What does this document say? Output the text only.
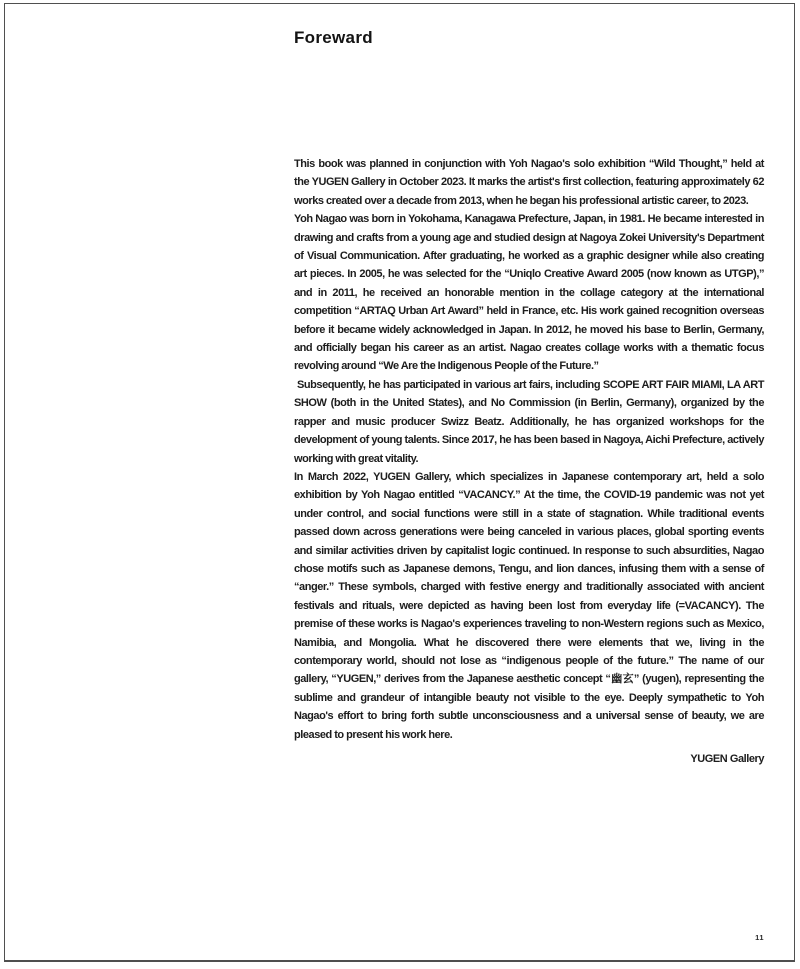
Foreward

This book was planned in conjunction with Yoh Nagao's solo exhibition “Wild Thought,” held at the YUGEN Gallery in October 2023. It marks the artist's first collection, featuring approximately 62 works created over a decade from 2013, when he began his professional artistic career, to 2023.

Yoh Nagao was born in Yokohama, Kanagawa Prefecture, Japan, in 1981. He became interested in drawing and crafts from a young age and studied design at Nagoya Zokei University's Department of Visual Communication. After graduating, he worked as a graphic designer while also creating art pieces. In 2005, he was selected for the “Uniqlo Creative Award 2005 (now known as UTGP),” and in 2011, he received an honorable mention in the collage category at the international competition “ARTAQ Urban Art Award” held in France, etc. His work gained recognition overseas before it became widely acknowledged in Japan. In 2012, he moved his base to Berlin, Germany, and officially began his career as an artist. Nagao creates collage works with a thematic focus revolving around “We Are the Indigenous People of the Future.”

Subsequently, he has participated in various art fairs, including SCOPE ART FAIR MIAMI, LA ART SHOW (both in the United States), and No Commission (in Berlin, Germany), organized by the rapper and music producer Swizz Beatz. Additionally, he has organized workshops for the development of young talents. Since 2017, he has been based in Nagoya, Aichi Prefecture, actively working with great vitality.

In March 2022, YUGEN Gallery, which specializes in Japanese contemporary art, held a solo exhibition by Yoh Nagao entitled “VACANCY.” At the time, the COVID-19 pandemic was not yet under control, and social functions were still in a state of stagnation. While traditional events passed down across generations were being canceled in various places, global sporting events and similar activities driven by capitalist logic continued. In response to such absurdities, Nagao chose motifs such as Japanese demons, Tengu, and lion dances, infusing them with a sense of “anger.” These symbols, charged with festive energy and traditionally associated with ancient festivals and rituals, were depicted as having been lost from everyday life (=VACANCY). The premise of these works is Nagao's experiences traveling to non-Western regions such as Mexico, Namibia, and Mongolia. What he discovered there were elements that we, living in the contemporary world, should not lose as “indigenous people of the future.” The name of our gallery, “YUGEN,” derives from the Japanese aesthetic concept “幽玄” (yugen), representing the sublime and grandeur of intangible beauty not visible to the eye. Deeply sympathetic to Yoh Nagao's effort to bring forth subtle unconsciousness and a universal sense of beauty, we are pleased to present his work here.

YUGEN Gallery
11
